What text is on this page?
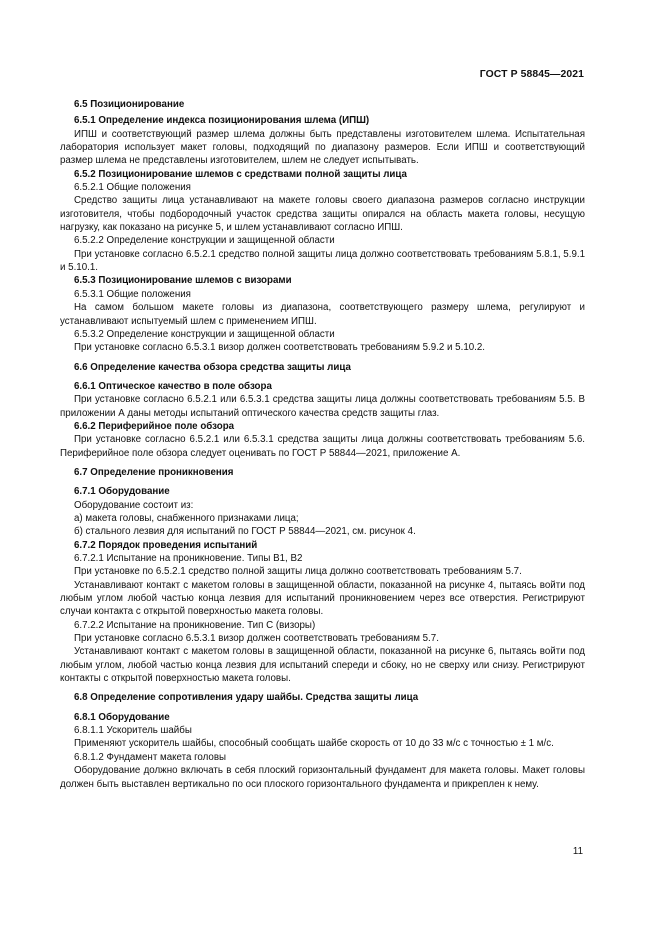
ГОСТ Р 58845—2021

6.5 Позиционирование

6.5.1 Определение индекса позиционирования шлема (ИПШ)

ИПШ и соответствующий размер шлема должны быть представлены изготовителем шлема. Испытательная лаборатория использует макет головы, подходящий по диапазону размеров. Если ИПШ и соответствующий размер шлема не представлены изготовителем, шлем не следует испытывать.

6.5.2 Позиционирование шлемов с средствами полной защиты лица

6.5.2.1 Общие положения

Средство защиты лица устанавливают на макете головы своего диапазона размеров согласно инструкции изготовителя, чтобы подбородочный участок средства защиты опирался на область макета головы, несущую нагрузку, как показано на рисунке 5, и шлем устанавливают согласно ИПШ.

6.5.2.2 Определение конструкции и защищенной области

При установке согласно 6.5.2.1 средство полной защиты лица должно соответствовать требованиям 5.8.1, 5.9.1 и 5.10.1.

6.5.3 Позиционирование шлемов с визорами

6.5.3.1 Общие положения

На самом большом макете головы из диапазона, соответствующего размеру шлема, регулируют и устанавливают испытуемый шлем с применением ИПШ.

6.5.3.2 Определение конструкции и защищенной области

При установке согласно 6.5.3.1 визор должен соответствовать требованиям 5.9.2 и 5.10.2.

6.6 Определение качества обзора средства защиты лица

6.6.1 Оптическое качество в поле обзора

При установке согласно 6.5.2.1 или 6.5.3.1 средства защиты лица должны соответствовать требованиям 5.5. В приложении А даны методы испытаний оптического качества средств защиты глаз.

6.6.2 Периферийное поле обзора

При установке согласно 6.5.2.1 или 6.5.3.1 средства защиты лица должны соответствовать требованиям 5.6. Периферийное поле обзора следует оценивать по ГОСТ Р 58844—2021, приложение А.

6.7 Определение проникновения

6.7.1 Оборудование

Оборудование состоит из:

а) макета головы, снабженного признаками лица;

б) стального лезвия для испытаний по ГОСТ Р 58844—2021, см. рисунок 4.

6.7.2 Порядок проведения испытаний

6.7.2.1 Испытание на проникновение. Типы В1, В2

При установке по 6.5.2.1 средство полной защиты лица должно соответствовать требованиям 5.7.

Устанавливают контакт с макетом головы в защищенной области, показанной на рисунке 4, пытаясь войти под любым углом любой частью конца лезвия для испытаний проникновением через все отверстия. Регистрируют случаи контакта с открытой поверхностью макета головы.

6.7.2.2 Испытание на проникновение. Тип С (визоры)

При установке согласно 6.5.3.1 визор должен соответствовать требованиям 5.7.

Устанавливают контакт с макетом головы в защищенной области, показанной на рисунке 6, пытаясь войти под любым углом, любой частью конца лезвия для испытаний спереди и сбоку, но не сверху или снизу. Регистрируют контакты с открытой поверхностью макета головы.

6.8 Определение сопротивления удару шайбы. Средства защиты лица

6.8.1 Оборудование

6.8.1.1 Ускоритель шайбы

Применяют ускоритель шайбы, способный сообщать шайбе скорость от 10 до 33 м/с с точностью ± 1 м/с.

6.8.1.2 Фундамент макета головы

Оборудование должно включать в себя плоский горизонтальный фундамент для макета головы. Макет головы должен быть выставлен вертикально по оси плоского горизонтального фундамента и прикреплен к нему.

11
